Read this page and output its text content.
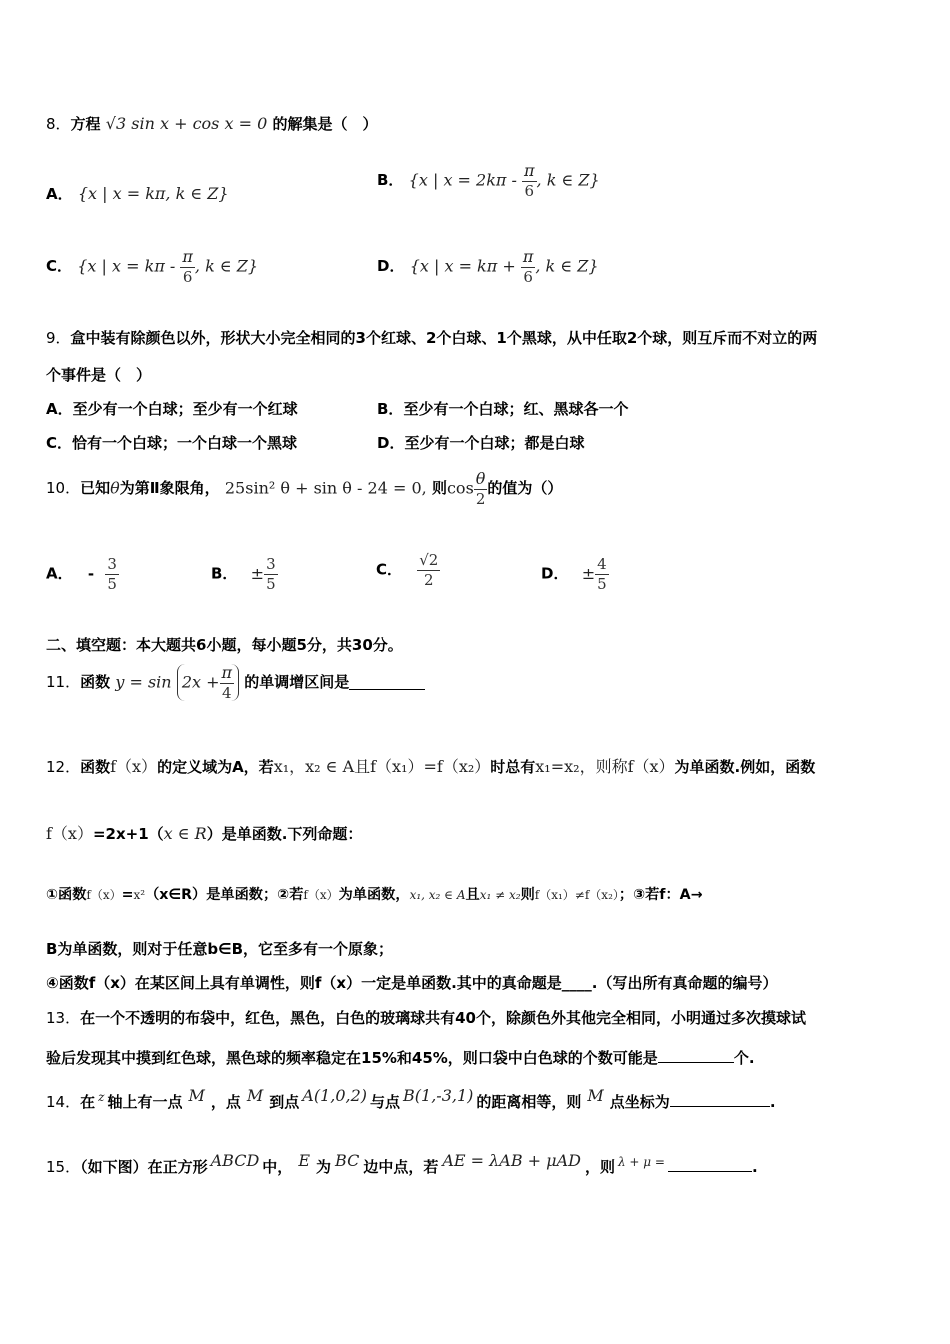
8．方程 √3 sin x + cos x = 0 的解集是（　）
A． {x | x = kπ, k ∈ Z}
B． {x | $x = 2k\pi - \frac{\pi}{6}$ , k ∈ Z}
C． {x | $x = k\pi - \frac{\pi}{6}$ , k ∈ Z}	D． {x | $x = k\pi + \frac{\pi}{6}$ , k ∈ Z}
9．盒中装有除颜色以外，形状大小完全相同的3个红球、2个白球、1个黑球，从中任取2个球，则互斥而不对立的两
个事件是（　）
A．至少有一个白球；至少有一个红球	B．至少有一个白球；红、黑球各一个
C．恰有一个白球；一个白球一个黑球	D．至少有一个白球；都是白球
10．已知θ为第Ⅱ象限角， 25sin² θ + sin θ - 24 = 0, 则$\cos \frac{\theta}{2}$ 的值为（）
A． - $\frac{3}{5}$	B． ± $\frac{3}{5}$	C． $\frac{√2}{2}$	D． ± $\frac{4}{5}$
二、填空题：本大题共6小题，每小题5分，共30分。
11．函数 $y = \sin 2x + \frac{\pi}{4}$ 的单调增区间是
12．函数f（x）的定义域为A，若x₁，x₂ ∈ A且f（x₁）=f（x₂）时总有x₁=x₂，则称f（x）为单函数.例如，函数
f（x）=2x+1（x ∈ R）是单函数.下列命题：
①函数f（x）=x²（x∈R）是单函数；②若f（x）为单函数，x₁, x₂ ∈ A且x₁ ≠ x₂则f（x₁）≠f（x₂）；③若f：A→
B为单函数，则对于任意b∈B，它至多有一个原象；
④函数f（x）在某区间上具有单调性，则f（x）一定是单函数.其中的真命题是____.（写出所有真命题的编号）
13．在一个不透明的布袋中，红色，黑色，白色的玻璃球共有40个，除颜色外其他完全相同，小明通过多次摸球试
验后发现其中摸到红色球，黑色球的频率稳定在15%和45%，则口袋中白色球的个数可能是	个.
14．在 $^z$ 轴上有一点 M ，点 M 到点 A(1,0,2) 与点 B(1,-3,1) 的距离相等，则 M 点坐标为	.
15．（如下图）在正方形 ABCD 中， E 为 BC 边中点，若 AE = λAB + μAD ，则 $^{\lambda + \mu =}$	.
